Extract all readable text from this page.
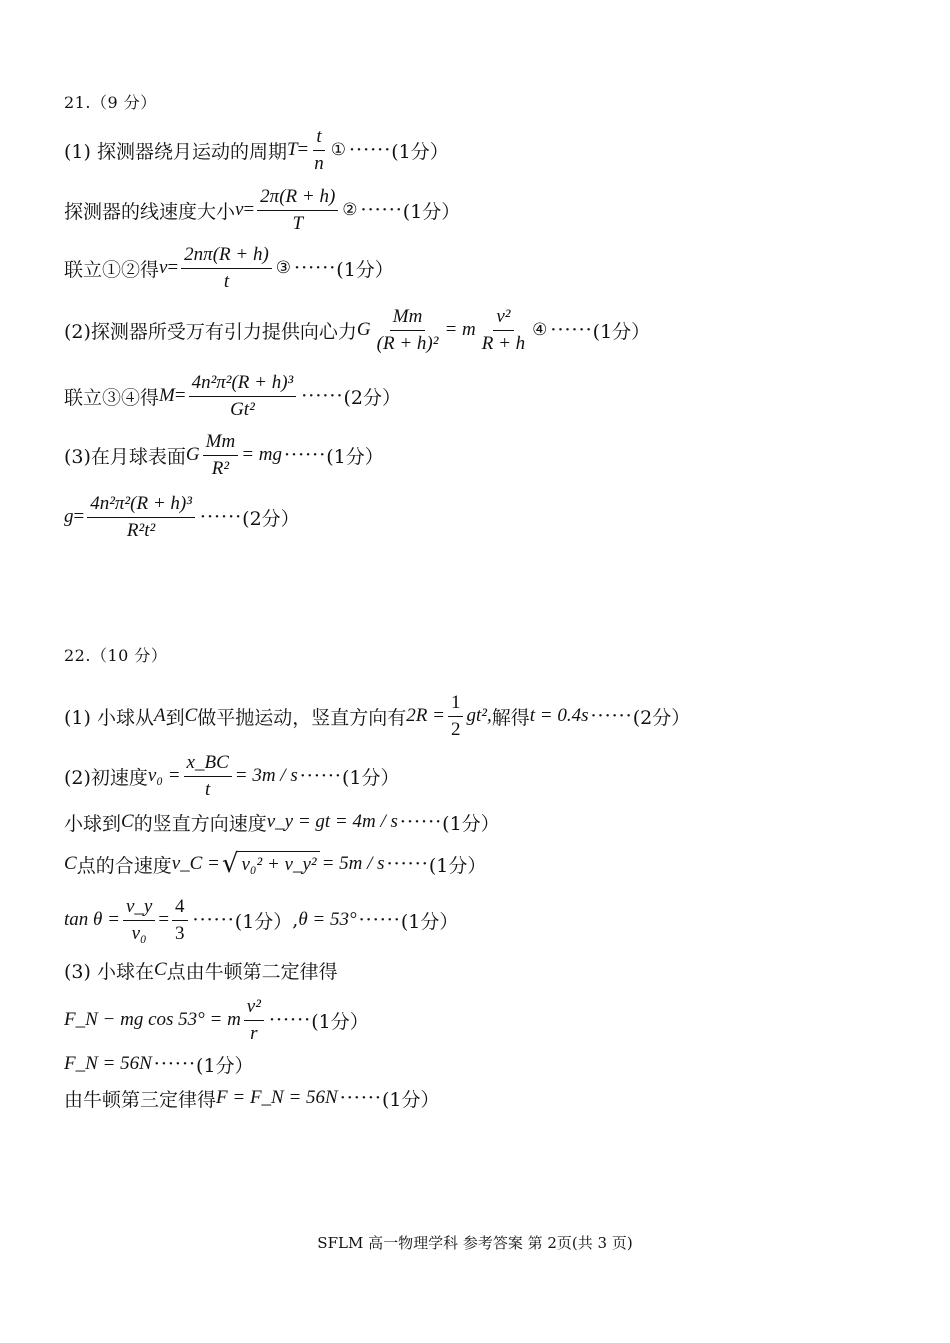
21.（9 分）
(1) 探测器绕月运动的周期 $T = \frac{t}{n}$ ① ······ (1分）
探测器的线速度大小 $v = \frac{2\pi(R + h)}{T}$ ② ······ (1分）
联立①②得 $v = \frac{2n\pi(R + h)}{t}$ ③ ······ (1分）
(2)探测器所受万有引力提供向心力 G $\frac{Mm}{\text{(R + h)²}} = m \frac{\text{v²}}{R + h}$ ④ ······ (1分）
联立③④得 $M = \frac{\text{4n²π²(R + h)³}}{\text{Gt²}}$ ······ (2分）
(3)在月球表面 G $\frac{Mm}{\text{R²}}$ = mg ······ (1分）
$g = \frac{\text{4n²π²(R + h)³}}{\text{R²t²}}$ ······ (2分）
22.（10 分）
(1) 小球从 A 到 C 做平抛运动，竖直方向有 $2R = \frac{1}{2} gt^2$, 解得 t = 0.4s ······ (2分）
(2)初速度 $v_0 = \frac{x\_BC}{t} = 3m / s$ ······ (1分）
小球到 C 的竖直方向速度 v_y = gt = 4m / s ······ (1分）
C 点的合速度 v_C = √ v₀² + v_y² = 5m / s ······ (1分）
$\tan \theta = \frac{v\_y}{\text{v₀}} = \frac{4}{3}$ ······ (1分） , θ = 53° ······ (1分）
(3) 小球在 C 点由牛顿第二定律得
F_N − mg cos 53° = m $\frac{\text{v²}}{r}$ ······ (1分）
F_N = 56N ······ (1分）
由牛顿第三定律得 F = F_N = 56N ······ (1分）
SFLM 高一物理学科 参考答案 第 2页(共 3 页)
